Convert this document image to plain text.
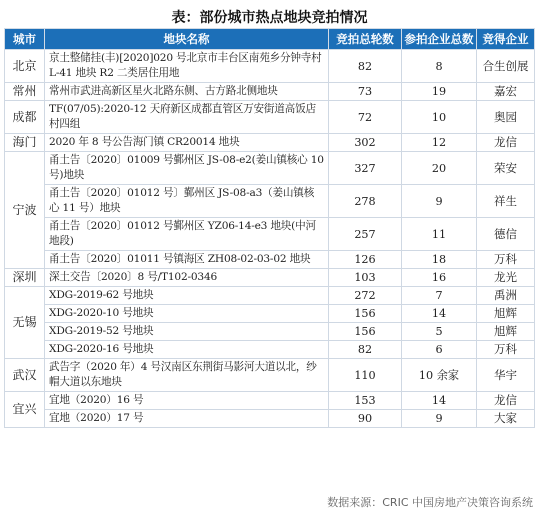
表：部份城市热点地块竞拍情况
城市	地块名称	竞拍总轮数	参拍企业总数	竞得企业
北京	京土整储挂(丰)[2020]020 号北京市丰台区南苑乡分钟寺村 L-41 地块 R2 二类居住用地	82	8	合生创展
常州	常州市武进高新区星火北路东侧、古方路北侧地块	73	19	嘉宏
成都	TF(07/05):2020-12 天府新区成都直管区万安街道高饭店村四组	72	10	奥园
海门	2020 年 8 号公告海门镇 CR20014 地块	302	12	龙信
宁波	甬土告〔2020〕01009 号鄞州区 JS-08-e2(姜山镇核心 10 号)地块	327	20	荣安
	甬土告〔2020〕01012 号〕鄞州区 JS-08-a3（姜山镇核心 11 号）地块	278	9	祥生
	甬土告〔2020〕01012 号鄞州区 YZ06-14-e3 地块(中河地段)	257	11	德信
	甬土告〔2020〕01011 号镇海区 ZH08-02-03-02 地块	126	18	万科
深圳	深土交告〔2020〕8 号/T102-0346	103	16	龙光
无锡	XDG-2019-62 号地块	272	7	禹洲
	XDG-2020-10 号地块	156	14	旭辉
	XDG-2019-52 号地块	156	5	旭辉
	XDG-2020-16 号地块	82	6	万科
武汉	武告字（2020 年）4 号汉南区东荆街马影河大道以北，纱帽大道以东地块	110	10 余家	华宇
宜兴	宜地（2020）16 号	153	14	龙信
	宜地（2020）17 号	90	9	大家
数据来源：CRIC 中国房地产决策咨询系统
